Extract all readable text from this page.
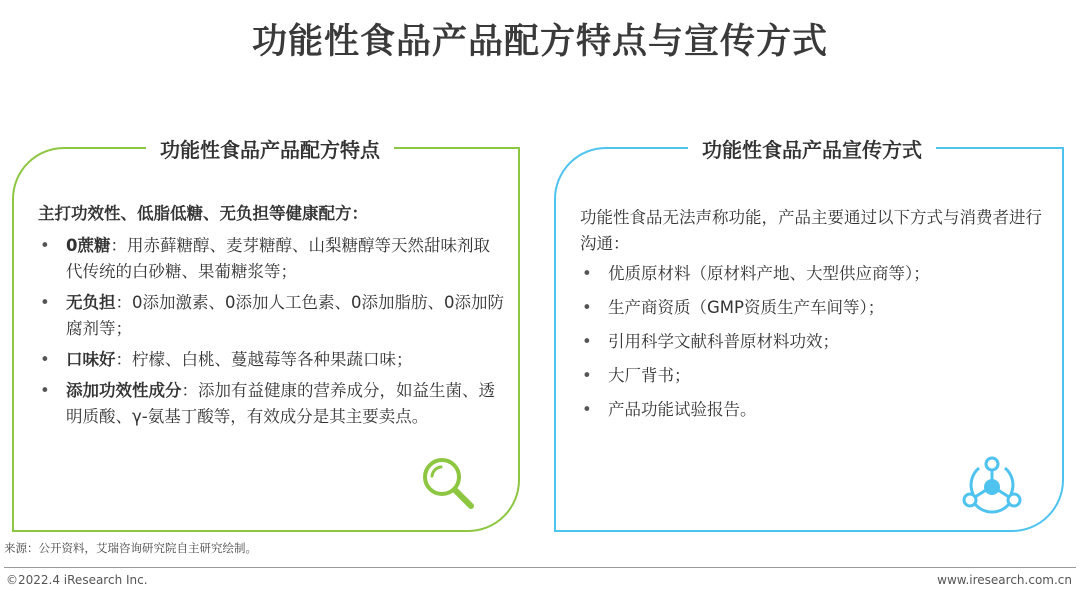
功能性食品产品配方特点与宣传方式
功能性食品产品配方特点
主打功效性、低脂低糖、无负担等健康配方：
• 0蔗糖：用赤藓糖醇、麦芽糖醇、山梨糖醇等天然甜味剂取代传统的白砂糖、果葡糖浆等；
• 无负担：0添加激素、0添加人工色素、0添加脂肪、0添加防腐剂等；
• 口味好：柠檬、白桃、蔓越莓等各种果蔬口味；
• 添加功效性成分：添加有益健康的营养成分，如益生菌、透明质酸、γ-氨基丁酸等，有效成分是其主要卖点。
功能性食品产品宣传方式
功能性食品无法声称功能，产品主要通过以下方式与消费者进行沟通：
• 优质原材料（原材料产地、大型供应商等）；
• 生产商资质（GMP资质生产车间等）；
• 引用科学文献科普原材料功效；
• 大厂背书；
• 产品功能试验报告。
来源：公开资料，艾瑞咨询研究院自主研究绘制。
©2022.4 iResearch Inc.	www.iresearch.com.cn
